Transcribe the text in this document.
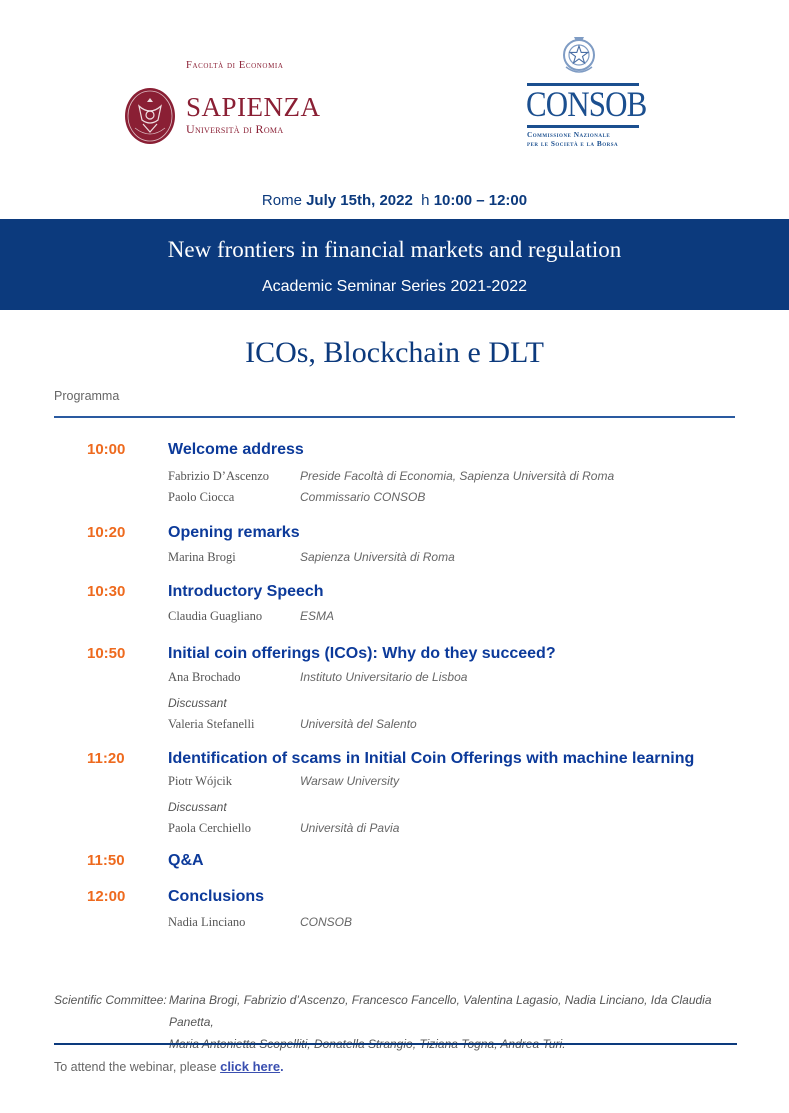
Facoltà di Economia
SAPIENZA
Università di Roma
CONSOB
Commissione Nazionale
per le Società e la Borsa
Rome July 15th, 2022 h 10:00 – 12:00
New frontiers in financial markets and regulation
Academic Seminar Series 2021-2022
ICOs, Blockchain e DLT
Programma
10:00	Welcome address
Fabrizio D’Ascenzo	Preside Facoltà di Economia, Sapienza Università di Roma
Paolo Ciocca	Commissario CONSOB
10:20	Opening remarks
Marina Brogi	Sapienza Università di Roma
10:30	Introductory Speech
Claudia Guagliano	ESMA
10:50	Initial coin offerings (ICOs): Why do they succeed?
Ana Brochado	Instituto Universitario de Lisboa
Discussant
Valeria Stefanelli	Università del Salento
11:20	Identification of scams in Initial Coin Offerings with machine learning
Piotr Wójcik	Warsaw University
Discussant
Paola Cerchiello	Università di Pavia
11:50	Q&A
12:00	Conclusions
Nadia Linciano	CONSOB
Scientific Committee: Marina Brogi, Fabrizio d’Ascenzo, Francesco Fancello, Valentina Lagasio, Nadia Linciano, Ida Claudia Panetta,
To attend the webinar, please click here.
